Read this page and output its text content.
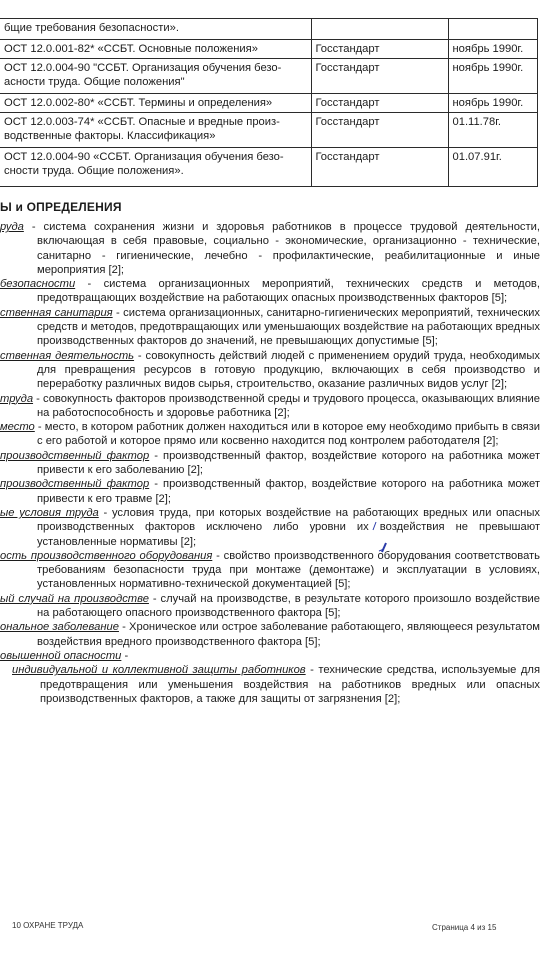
бщие требования безопасности».		
ОСТ 12.0.001-82* «ССБТ. Основные положения»	Госстандарт	ноябрь 1990г.
ОСТ 12.0.004-90 "ССБТ. Организация обучения безо-
асности труда. Общие положения"	Госстандарт	ноябрь 1990г.
ОСТ 12.0.002-80* «ССБТ. Термины и определения»	Госстандарт	ноябрь 1990г.
ОСТ 12.0.003-74* «ССБТ. Опасные и вредные произ-
водственные факторы. Классификация»	Госстандарт	01.11.78г.
ОСТ 12.0.004-90 «ССБТ. Организация обучения безо-
сности труда. Общие положения».	Госстандарт	01.07.91г.
Ы и ОПРЕДЕЛЕНИЯ

руда - система сохранения жизни и здоровья работников в процессе трудовой деятельности, включающая в себя правовые, социально - экономические, организационно - технические, санитарно - гигиенические, лечебно - профилактические, реабилитационные и иные мероприятия [2];

безопасности - система организационных мероприятий, технических средств и методов, предотвращающих воздействие на работающих опасных производственных факторов [5];

ственная санитария - система организационных, санитарно-гигиенических мероприятий, технических средств и методов, предотвращающих или уменьшающих воздействие на работающих вредных производственных факторов до значений, не превышающих допустимые [5];

ственная деятельность - совокупность действий людей с применением орудий труда, необходимых для превращения ресурсов в готовую продукцию, включающих в себя производство и переработку различных видов сырья, строительство, оказание различных видов услуг [2];

труда - совокупность факторов производственной среды и трудового процесса, оказывающих влияние на работоспособность и здоровье работника [2];

место - место, в котором работник должен находиться или в которое ему необходимо прибыть в связи с его работой и которое прямо или косвенно находится под контролем работодателя [2];

производственный фактор - производственный фактор, воздействие которого на работника может привести к его заболеванию [2];

производственный фактор - производственный фактор, воздействие которого на работника может привести к его травме [2];

ые условия труда - условия труда, при которых воздействие на работающих вредных или опасных производственных факторов исключено либо уровни их воздействия не превышают установленные нормативы [2];

ость производственного оборудования - свойство производственного оборудования соответствовать требованиям безопасности труда при монтаже (демонтаже) и эксплуатации в условиях, установленных нормативно-технической документацией [5];

ый случай на производстве - случай на производстве, в результате которого произошло воздействие на работающего опасного производственного фактора [5];

ональное заболевание - Хроническое или острое заболевание работающего, являющееся результатом воздействия вредного производственного фактора [5];

овышенной опасности -

индивидуальной и коллективной защиты работников - технические средства, используемые для предотвращения или уменьшения воздействия на работников вредных или опасных производственных факторов, а также для защиты от загрязнения [2];

10 ОХРАНЕ ТРУДА	Страница 4 из 15
